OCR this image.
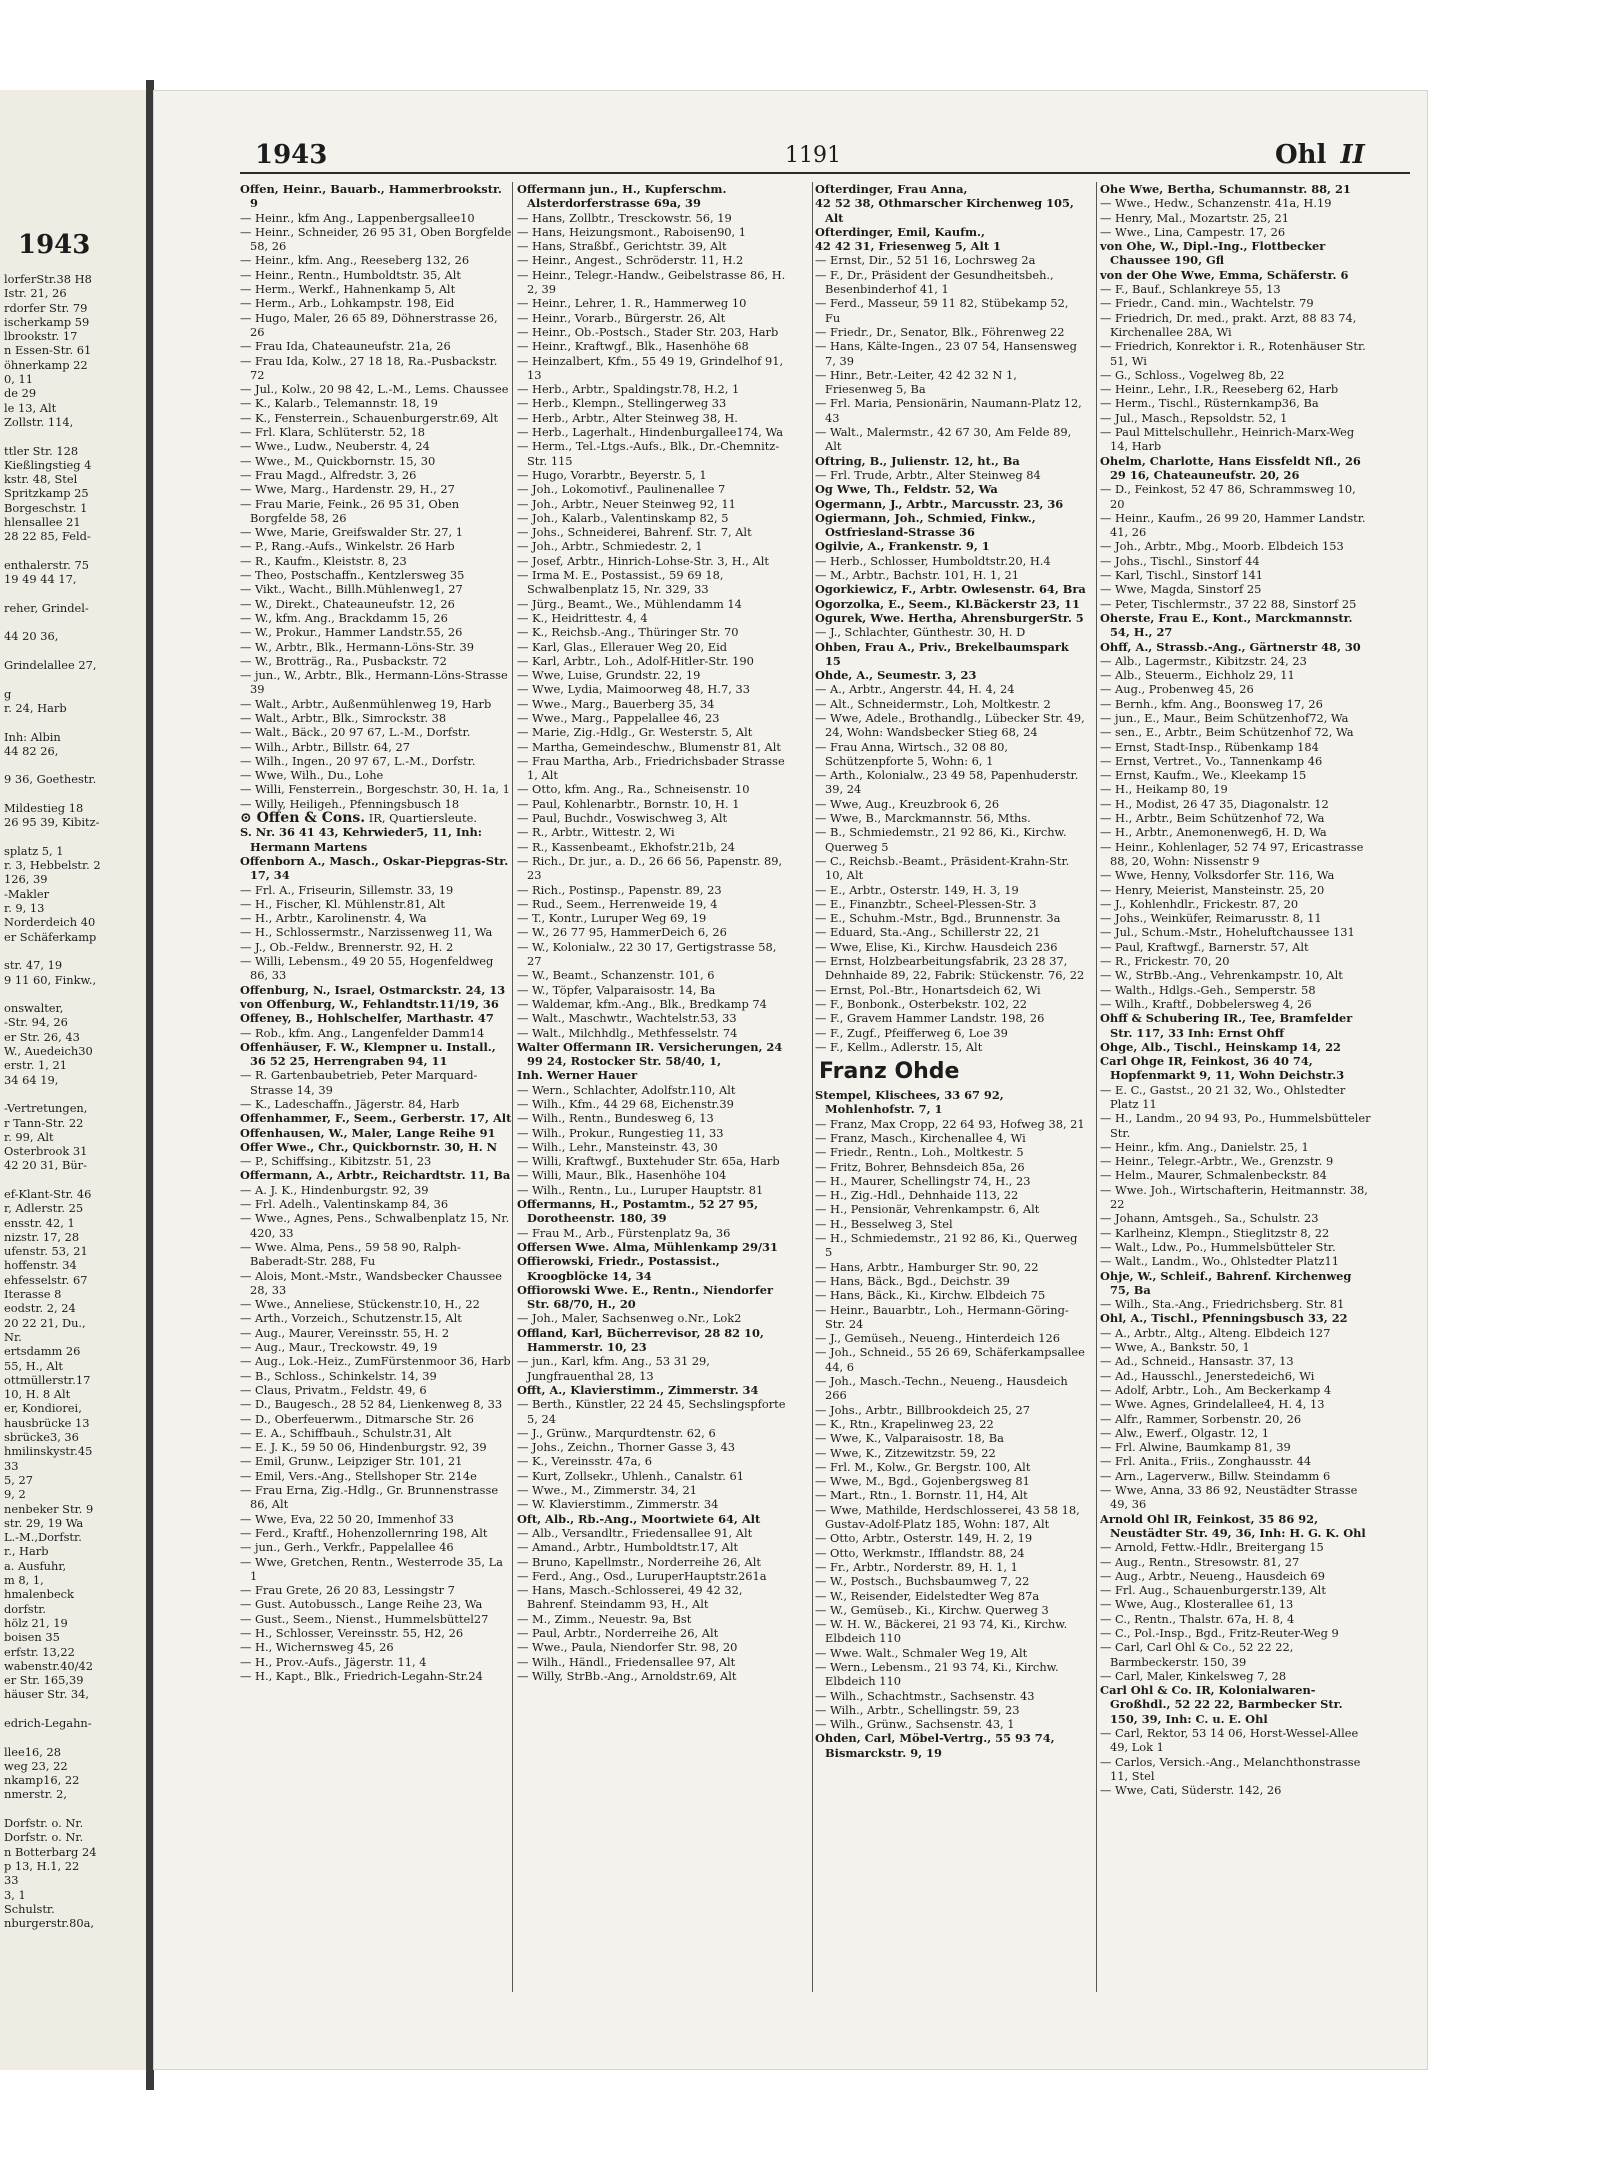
1943

lorferStr.38 H8

Istr. 21, 26

rdorfer Str. 79

ischerkamp 59

lbrookstr. 17

n Essen-Str. 61

öhnerkamp 22

0, 11

de 29

le 13, Alt

Zollstr. 114,

ttler Str. 128

Kießlingstieg 4

kstr. 48, Stel

Spritzkamp 25

Borgeschstr. 1

hlensallee 21

28 22 85, Feld-

enthalerstr. 75

19 49 44 17,

reher, Grindel-

44 20 36,

Grindelallee 27,

g

r. 24, Harb

Inh: Albin

44 82 26,

9 36, Goethestr.

Mildestieg 18

26 95 39, Kibitz-

splatz 5, 1

r. 3, Hebbelstr. 2

126, 39

-Makler

r. 9, 13

Norderdeich 40

er Schäferkamp

str. 47, 19

9 11 60, Finkw.,

onswalter,

-Str. 94, 26

er Str. 26, 43

W., Auedeich30

erstr. 1, 21

34 64 19,

-Vertretungen,

r Tann-Str. 22

r. 99, Alt

Osterbrook 31

42 20 31, Bür-

ef-Klant-Str. 46

r, Adlerstr. 25

ensstr. 42, 1

nizstr. 17, 28

ufenstr. 53, 21

hoffenstr. 34

ehfesselstr. 67

Iterasse 8

eodstr. 2, 24

20 22 21, Du.,

Nr.

ertsdamm 26

55, H., Alt

ottmüllerstr.17

10, H. 8 Alt

er, Kondiorei,

hausbrücke 13

sbrücke3, 36

hmilinskystr.45

33

5, 27

9, 2

nenbeker Str. 9

str. 29, 19 Wa

L.-M.,Dorfstr.

r., Harb

a. Ausfuhr,

m 8, 1,

hmalenbeck

dorfstr.

hölz 21, 19

boisen 35

erfstr. 13,22

wabenstr.40/42

er Str. 165,39

häuser Str. 34,

edrich-Legahn-

llee16, 28

weg 23, 22

nkamp16, 22

nmerstr. 2,

Dorfstr. o. Nr.

Dorfstr. o. Nr.

n Botterbarg 24

p 13, H.1, 22

33

3, 1

Schulstr.

nburgerstr.80a,

1943	1191	Ohl II

Offen, Heinr., Bauarb., Hammerbrookstr. 9

— Heinr., kfm Ang., Lappenbergsallee10

— Heinr., Schneider, 26 95 31, Oben Borgfelde 58, 26

— Heinr., kfm. Ang., Reeseberg 132, 26

— Heinr., Rentn., Humboldtstr. 35, Alt

— Herm., Werkf., Hahnenkamp 5, Alt

— Herm., Arb., Lohkampstr. 198, Eid

— Hugo, Maler, 26 65 89, Döhnerstrasse 26, 26

— Frau Ida, Chateauneufstr. 21a, 26

— Frau Ida, Kolw., 27 18 18, Ra.-Pusbackstr. 72

— Jul., Kolw., 20 98 42, L.-M., Lems. Chaussee

— K., Kalarb., Telemannstr. 18, 19

— K., Fensterrein., Schauenburgerstr.69, Alt

— Frl. Klara, Schlüterstr. 52, 18

— Wwe., Ludw., Neuberstr. 4, 24

— Wwe., M., Quickbornstr. 15, 30

— Frau Magd., Alfredstr. 3, 26

— Wwe, Marg., Hardenstr. 29, H., 27

— Frau Marie, Feink., 26 95 31, Oben Borgfelde 58, 26

— Wwe, Marie, Greifswalder Str. 27, 1

— P., Rang.-Aufs., Winkelstr. 26 Harb

— R., Kaufm., Kleiststr. 8, 23

— Theo, Postschaffn., Kentzlersweg 35

— Vikt., Wacht., Billh.Mühlenweg1, 27

— W., Direkt., Chateauneufstr. 12, 26

— W., kfm. Ang., Brackdamm 15, 26

— W., Prokur., Hammer Landstr.55, 26

— W., Arbtr., Blk., Hermann-Löns-Str. 39

— W., Brotträg., Ra., Pusbackstr. 72

— jun., W., Arbtr., Blk., Hermann-Löns-Strasse 39

— Walt., Arbtr., Außenmühlenweg 19, Harb

— Walt., Arbtr., Blk., Simrockstr. 38

— Walt., Bäck., 20 97 67, L.-M., Dorfstr.

— Wilh., Arbtr., Billstr. 64, 27

— Wilh., Ingen., 20 97 67, L.-M., Dorfstr.

— Wwe, Wilh., Du., Lohe

— Willi, Fensterrein., Borgeschstr. 30, H. 1a, 1

— Willy, Heiligeh., Pfenningsbusch 18

⊙ Offen & Cons. IR, Quartiersleute.

S. Nr. 36 41 43, Kehrwieder5, 11, Inh: Hermann Martens

Offenborn A., Masch., Oskar-Piepgras-Str. 17, 34

— Frl. A., Friseurin, Sillemstr. 33, 19

— H., Fischer, Kl. Mühlenstr.81, Alt

— H., Arbtr., Karolinenstr. 4, Wa

— H., Schlossermstr., Narzissenweg 11, Wa

— J., Ob.-Feldw., Brennerstr. 92, H. 2

— Willi, Lebensm., 49 20 55, Hogenfeldweg 86, 33

Offenburg, N., Israel, Ostmarckstr. 24, 13

von Offenburg, W., Fehlandtstr.11/19, 36

Offeney, B., Hohlschelfer, Marthastr. 47

— Rob., kfm. Ang., Langenfelder Damm14

Offenhäuser, F. W., Klempner u. Install., 36 52 25, Herrengraben 94, 11

— R. Gartenbaubetrieb, Peter Marquard-Strasse 14, 39

— K., Ladeschaffn., Jägerstr. 84, Harb

Offenhammer, F., Seem., Gerberstr. 17, Alt

Offenhausen, W., Maler, Lange Reihe 91

Offer Wwe., Chr., Quickbornstr. 30, H. N

— P., Schiffsing., Kibitzstr. 51, 23

Offermann, A., Arbtr., Reichardtstr. 11, Ba

— A. J. K., Hindenburgstr. 92, 39

— Frl. Adelh., Valentinskamp 84, 36

— Wwe., Agnes, Pens., Schwalbenplatz 15, Nr. 420, 33

— Wwe. Alma, Pens., 59 58 90, Ralph-Baberadt-Str. 288, Fu

— Alois, Mont.-Mstr., Wandsbecker Chaussee 28, 33

— Wwe., Anneliese, Stückenstr.10, H., 22

— Arth., Vorzeich., Schutzenstr.15, Alt

— Aug., Maurer, Vereinsstr. 55, H. 2

— Aug., Maur., Treckowstr. 49, 19

— Aug., Lok.-Heiz., ZumFürstenmoor 36, Harb

— B., Schloss., Schinkelstr. 14, 39

— Claus, Privatm., Feldstr. 49, 6

— D., Baugesch., 28 52 84, Lienkenweg 8, 33

— D., Oberfeuerwm., Ditmarsche Str. 26

— E. A., Schiffbauh., Schulstr.31, Alt

— E. J. K., 59 50 06, Hindenburgstr. 92, 39

— Emil, Grunw., Leipziger Str. 101, 21

— Emil, Vers.-Ang., Stellshoper Str. 214e

— Frau Erna, Zig.-Hdlg., Gr. Brunnenstrasse 86, Alt

— Wwe, Eva, 22 50 20, Immenhof 33

— Ferd., Kraftf., Hohenzollernring 198, Alt

— jun., Gerh., Verkfr., Pappelallee 46

— Wwe, Gretchen, Rentn., Westerrode 35, La 1

— Frau Grete, 26 20 83, Lessingstr 7

— Gust. Autobussch., Lange Reihe 23, Wa

— Gust., Seem., Nienst., Hummelsbüttel27

— H., Schlosser, Vereinsstr. 55, H2, 26

— H., Wichernsweg 45, 26

— H., Prov.-Aufs., Jägerstr. 11, 4

— H., Kapt., Blk., Friedrich-Legahn-Str.24

Offermann jun., H., Kupferschm. Alsterdorferstrasse 69a, 39

— Hans, Zollbtr., Tresckowstr. 56, 19

— Hans, Heizungsmont., Raboisen90, 1

— Hans, Straßbf., Gerichtstr. 39, Alt

— Heinr., Angest., Schröderstr. 11, H.2

— Heinr., Telegr.-Handw., Geibelstrasse 86, H. 2, 39

— Heinr., Lehrer, 1. R., Hammerweg 10

— Heinr., Vorarb., Bürgerstr. 26, Alt

— Heinr., Ob.-Postsch., Stader Str. 203, Harb

— Heinr., Kraftwgf., Blk., Hasenhöhe 68

— Heinzalbert, Kfm., 55 49 19, Grindelhof 91, 13

— Herb., Arbtr., Spaldingstr.78, H.2, 1

— Herb., Klempn., Stellingerweg 33

— Herb., Arbtr., Alter Steinweg 38, H.

— Herb., Lagerhalt., Hindenburgallee174, Wa

— Herm., Tel.-Ltgs.-Aufs., Blk., Dr.-Chemnitz-Str. 115

— Hugo, Vorarbtr., Beyerstr. 5, 1

— Joh., Lokomotivf., Paulinenallee 7

— Joh., Arbtr., Neuer Steinweg 92, 11

— Joh., Kalarb., Valentinskamp 82, 5

— Johs., Schneiderei, Bahrenf. Str. 7, Alt

— Joh., Arbtr., Schmiedestr. 2, 1

— Josef, Arbtr., Hinrich-Lohse-Str. 3, H., Alt

— Irma M. E., Postassist., 59 69 18, Schwalbenplatz 15, Nr. 329, 33

— Jürg., Beamt., We., Mühlendamm 14

— K., Heidrittestr. 4, 4

— K., Reichsb.-Ang., Thüringer Str. 70

— Karl, Glas., Ellerauer Weg 20, Eid

— Karl, Arbtr., Loh., Adolf-Hitler-Str. 190

— Wwe, Luise, Grundstr. 22, 19

— Wwe, Lydia, Maimoorweg 48, H.7, 33

— Wwe., Marg., Bauerberg 35, 34

— Wwe., Marg., Pappelallee 46, 23

— Marie, Zig.-Hdlg., Gr. Westerstr. 5, Alt

— Martha, Gemeindeschw., Blumenstr 81, Alt

— Frau Martha, Arb., Friedrichsbader Strasse 1, Alt

— Otto, kfm. Ang., Ra., Schneisenstr. 10

— Paul, Kohlenarbtr., Bornstr. 10, H. 1

— Paul, Buchdr., Voswischweg 3, Alt

— R., Arbtr., Wittestr. 2, Wi

— R., Kassenbeamt., Ekhofstr.21b, 24

— Rich., Dr. jur., a. D., 26 66 56, Papenstr. 89, 23

— Rich., Postinsp., Papenstr. 89, 23

— Rud., Seem., Herrenweide 19, 4

— T., Kontr., Luruper Weg 69, 19

— W., 26 77 95, HammerDeich 6, 26

— W., Kolonialw., 22 30 17, Gertigstrasse 58, 27

— W., Beamt., Schanzenstr. 101, 6

— W., Töpfer, Valparaisostr. 14, Ba

— Waldemar, kfm.-Ang., Blk., Bredkamp 74

— Walt., Maschwtr., Wachtelstr.53, 33

— Walt., Milchhdlg., Methfesselstr. 74

Walter Offermann IR. Versicherungen, 24 99 24, Rostocker Str. 58/40, 1,

Inh. Werner Hauer

— Wern., Schlachter, Adolfstr.110, Alt

— Wilh., Kfm., 44 29 68, Eichenstr.39

— Wilh., Rentn., Bundesweg 6, 13

— Wilh., Prokur., Rungestieg 11, 33

— Wilh., Lehr., Mansteinstr. 43, 30

— Willi, Kraftwgf., Buxtehuder Str. 65a, Harb

— Willi, Maur., Blk., Hasenhöhe 104

— Wilh., Rentn., Lu., Luruper Hauptstr. 81

Offermanns, H., Postamtm., 52 27 95, Dorotheenstr. 180, 39

— Frau M., Arb., Fürstenplatz 9a, 36

Offersen Wwe. Alma, Mühlenkamp 29/31

Offierowski, Friedr., Postassist., Kroogblöcke 14, 34

Offiorowski Wwe. E., Rentn., Niendorfer Str. 68/70, H., 20

— Joh., Maler, Sachsenweg o.Nr., Lok2

Offland, Karl, Bücherrevisor, 28 82 10, Hammerstr. 10, 23

— jun., Karl, kfm. Ang., 53 31 29, Jungfrauenthal 28, 13

Offt, A., Klavierstimm., Zimmerstr. 34

— Berth., Künstler, 22 24 45, Sechslingspforte 5, 24

— J., Grünw., Marqurdtenstr. 62, 6

— Johs., Zeichn., Thorner Gasse 3, 43

— K., Vereinsstr. 47a, 6

— Kurt, Zollsekr., Uhlenh., Canalstr. 61

— Wwe., M., Zimmerstr. 34, 21

— W. Klavierstimm., Zimmerstr. 34

Oft, Alb., Rb.-Ang., Moortwiete 64, Alt

— Alb., Versandltr., Friedensallee 91, Alt

— Amand., Arbtr., Humboldtstr.17, Alt

— Bruno, Kapellmstr., Norderreihe 26, Alt

— Ferd., Ang., Osd., LuruperHauptstr.261a

— Hans, Masch.-Schlosserei, 49 42 32, Bahrenf. Steindamm 93, H., Alt

— M., Zimm., Neuestr. 9a, Bst

— Paul, Arbtr., Norderreihe 26, Alt

— Wwe., Paula, Niendorfer Str. 98, 20

— Wilh., Händl., Friedensallee 97, Alt

— Willy, StrBb.-Ang., Arnoldstr.69, Alt

Ofterdinger, Frau Anna,

42 52 38, Othmarscher Kirchenweg 105, Alt

Ofterdinger, Emil, Kaufm.,

42 42 31, Friesenweg 5, Alt 1

— Ernst, Dir., 52 51 16, Lochrsweg 2a

— F., Dr., Präsident der Gesundheitsbeh., Besenbinderhof 41, 1

— Ferd., Masseur, 59 11 82, Stübekamp 52, Fu

— Friedr., Dr., Senator, Blk., Föhrenweg 22

— Hans, Kälte-Ingen., 23 07 54, Hansensweg 7, 39

— Hinr., Betr.-Leiter, 42 42 32 N 1, Friesenweg 5, Ba

— Frl. Maria, Pensionärin, Naumann-Platz 12, 43

— Walt., Malermstr., 42 67 30, Am Felde 89, Alt

Oftring, B., Julienstr. 12, ht., Ba

— Frl. Trude, Arbtr., Alter Steinweg 84

Og Wwe, Th., Feldstr. 52, Wa

Ogermann, J., Arbtr., Marcusstr. 23, 36

Ogiermann, Joh., Schmied, Finkw., Ostfriesland-Strasse 36

Ogilvie, A., Frankenstr. 9, 1

— Herb., Schlosser, Humboldtstr.20, H.4

— M., Arbtr., Bachstr. 101, H. 1, 21

Ogorkiewicz, F., Arbtr. Owlesenstr. 64, Bra

Ogorzolka, E., Seem., Kl.Bäckerstr 23, 11

Ogurek, Wwe. Hertha, AhrensburgerStr. 5

— J., Schlachter, Günthestr. 30, H. D

Ohben, Frau A., Priv., Brekelbaumspark 15

Ohde, A., Seumestr. 3, 23

— A., Arbtr., Angerstr. 44, H. 4, 24

— Alt., Schneidermstr., Loh, Moltkestr. 2

— Wwe, Adele., Brothandlg., Lübecker Str. 49, 24, Wohn: Wandsbecker Stieg 68, 24

— Frau Anna, Wirtsch., 32 08 80, Schützenpforte 5, Wohn: 6, 1

— Arth., Kolonialw., 23 49 58, Papenhuderstr. 39, 24

— Wwe, Aug., Kreuzbrook 6, 26

— Wwe, B., Marckmannstr. 56, Mths.

— B., Schmiedemstr., 21 92 86, Ki., Kirchw. Querweg 5

— C., Reichsb.-Beamt., Präsident-Krahn-Str. 10, Alt

— E., Arbtr., Osterstr. 149, H. 3, 19

— E., Finanzbtr., Scheel-Plessen-Str. 3

— E., Schuhm.-Mstr., Bgd., Brunnenstr. 3a

— Eduard, Sta.-Ang., Schillerstr 22, 21

— Wwe, Elise, Ki., Kirchw. Hausdeich 236

— Ernst, Holzbearbeitungsfabrik, 23 28 37, Dehnhaide 89, 22, Fabrik: Stückenstr. 76, 22

— Ernst, Pol.-Btr., Honartsdeich 62, Wi

— F., Bonbonk., Osterbekstr. 102, 22

— F., Gravem Hammer Landstr. 198, 26

— F., Zugf., Pfeifferweg 6, Loe 39

— F., Kellm., Adlerstr. 15, Alt

Franz Ohde

Stempel, Klischees, 33 67 92, Mohlenhofstr. 7, 1

— Franz, Max Cropp, 22 64 93, Hofweg 38, 21

— Franz, Masch., Kirchenallee 4, Wi

— Friedr., Rentn., Loh., Moltkestr. 5

— Fritz, Bohrer, Behnsdeich 85a, 26

— H., Maurer, Schellingstr 74, H., 23

— H., Zig.-Hdl., Dehnhaide 113, 22

— H., Pensionär, Vehrenkampstr. 6, Alt

— H., Besselweg 3, Stel

— H., Schmiedemstr., 21 92 86, Ki., Querweg 5

— Hans, Arbtr., Hamburger Str. 90, 22

— Hans, Bäck., Bgd., Deichstr. 39

— Hans, Bäck., Ki., Kirchw. Elbdeich 75

— Heinr., Bauarbtr., Loh., Hermann-Göring-Str. 24

— J., Gemüseh., Neueng., Hinterdeich 126

— Joh., Schneid., 55 26 69, Schäferkampsallee 44, 6

— Joh., Masch.-Techn., Neueng., Hausdeich 266

— Johs., Arbtr., Billbrookdeich 25, 27

— K., Rtn., Krapelinweg 23, 22

— Wwe, K., Valparaisostr. 18, Ba

— Wwe, K., Zitzewitzstr. 59, 22

— Frl. M., Kolw., Gr. Bergstr. 100, Alt

— Wwe, M., Bgd., Gojenbergsweg 81

— Mart., Rtn., 1. Bornstr. 11, H4, Alt

— Wwe, Mathilde, Herdschlosserei, 43 58 18, Gustav-Adolf-Platz 185, Wohn: 187, Alt

— Otto, Arbtr., Osterstr. 149, H. 2, 19

— Otto, Werkmstr., Ifflandstr. 88, 24

— Fr., Arbtr., Norderstr. 89, H. 1, 1

— W., Postsch., Buchsbaumweg 7, 22

— W., Reisender, Eidelstedter Weg 87a

— W., Gemüseb., Ki., Kirchw. Querweg 3

— W. H. W., Bäckerei, 21 93 74, Ki., Kirchw. Elbdeich 110

— Wwe. Walt., Schmaler Weg 19, Alt

— Wern., Lebensm., 21 93 74, Ki., Kirchw. Elbdeich 110

— Wilh., Schachtmstr., Sachsenstr. 43

— Wilh., Arbtr., Schellingstr. 59, 23

— Wilh., Grünw., Sachsenstr. 43, 1

Ohden, Carl, Möbel-Vertrg., 55 93 74, Bismarckstr. 9, 19

Ohe Wwe, Bertha, Schumannstr. 88, 21

— Wwe., Hedw., Schanzenstr. 41a, H.19

— Henry, Mal., Mozartstr. 25, 21

— Wwe., Lina, Campestr. 17, 26

von Ohe, W., Dipl.-Ing., Flottbecker Chaussee 190, Gfl

von der Ohe Wwe, Emma, Schäferstr. 6

— F., Bauf., Schlankreye 55, 13

— Friedr., Cand. min., Wachtelstr. 79

— Friedrich, Dr. med., prakt. Arzt, 88 83 74, Kirchenallee 28A, Wi

— Friedrich, Konrektor i. R., Rotenhäuser Str. 51, Wi

— G., Schloss., Vogelweg 8b, 22

— Heinr., Lehr., I.R., Reeseberg 62, Harb

— Herm., Tischl., Rüsternkamp36, Ba

— Jul., Masch., Repsoldstr. 52, 1

— Paul Mittelschullehr., Heinrich-Marx-Weg 14, Harb

Ohelm, Charlotte, Hans Eissfeldt Nfl., 26 29 16, Chateauneufstr. 20, 26

— D., Feinkost, 52 47 86, Schrammsweg 10, 20

— Heinr., Kaufm., 26 99 20, Hammer Landstr. 41, 26

— Joh., Arbtr., Mbg., Moorb. Elbdeich 153

— Johs., Tischl., Sinstorf 44

— Karl, Tischl., Sinstorf 141

— Wwe, Magda, Sinstorf 25

— Peter, Tischlermstr., 37 22 88, Sinstorf 25

Oherste, Frau E., Kont., Marckmannstr. 54, H., 27

Ohff, A., Strassb.-Ang., Gärtnerstr 48, 30

— Alb., Lagermstr., Kibitzstr. 24, 23

— Alb., Steuerm., Eichholz 29, 11

— Aug., Probenweg 45, 26

— Bernh., kfm. Ang., Boonsweg 17, 26

— jun., E., Maur., Beim Schützenhof72, Wa

— sen., E., Arbtr., Beim Schützenhof 72, Wa

— Ernst, Stadt-Insp., Rübenkamp 184

— Ernst, Vertret., Vo., Tannenkamp 46

— Ernst, Kaufm., We., Kleekamp 15

— H., Heikamp 80, 19

— H., Modist, 26 47 35, Diagonalstr. 12

— H., Arbtr., Beim Schützenhof 72, Wa

— H., Arbtr., Anemonenweg6, H. D, Wa

— Heinr., Kohlenlager, 52 74 97, Ericastrasse 88, 20, Wohn: Nissenstr 9

— Wwe, Henny, Volksdorfer Str. 116, Wa

— Henry, Meierist, Mansteinstr. 25, 20

— J., Kohlenhdlr., Frickestr. 87, 20

— Johs., Weinküfer, Reimarusstr. 8, 11

— Jul., Schum.-Mstr., Hoheluftchaussee 131

— Paul, Kraftwgf., Barnerstr. 57, Alt

— R., Frickestr. 70, 20

— W., StrBb.-Ang., Vehrenkampstr. 10, Alt

— Walth., Hdlgs.-Geh., Semperstr. 58

— Wilh., Kraftf., Dobbelersweg 4, 26

Ohff & Schubering IR., Tee, Bramfelder Str. 117, 33 Inh: Ernst Ohff

Ohge, Alb., Tischl., Heinskamp 14, 22

Carl Ohge IR, Feinkost, 36 40 74, Hopfenmarkt 9, 11, Wohn Deichstr.3

— E. C., Gastst., 20 21 32, Wo., Ohlstedter Platz 11

— H., Landm., 20 94 93, Po., Hummelsbütteler Str.

— Heinr., kfm. Ang., Danielstr. 25, 1

— Heinr., Telegr.-Arbtr., We., Grenzstr. 9

— Helm., Maurer, Schmalenbeckstr. 84

— Wwe. Joh., Wirtschafterin, Heitmannstr. 38, 22

— Johann, Amtsgeh., Sa., Schulstr. 23

— Karlheinz, Klempn., Stieglitzstr 8, 22

— Walt., Ldw., Po., Hummelsbütteler Str.

— Walt., Landm., Wo., Ohlstedter Platz11

Ohje, W., Schleif., Bahrenf. Kirchenweg 75, Ba

— Wilh., Sta.-Ang., Friedrichsberg. Str. 81

Ohl, A., Tischl., Pfenningsbusch 33, 22

— A., Arbtr., Altg., Alteng. Elbdeich 127

— Wwe, A., Bankstr. 50, 1

— Ad., Schneid., Hansastr. 37, 13

— Ad., Hausschl., Jenerstedeich6, Wi

— Adolf, Arbtr., Loh., Am Beckerkamp 4

— Wwe. Agnes, Grindelallee4, H. 4, 13

— Alfr., Rammer, Sorbenstr. 20, 26

— Alw., Ewerf., Olgastr. 12, 1

— Frl. Alwine, Baumkamp 81, 39

— Frl. Anita., Friis., Zonghausstr. 44

— Arn., Lagerverw., Billw. Steindamm 6

— Wwe, Anna, 33 86 92, Neustädter Strasse 49, 36

Arnold Ohl IR, Feinkost, 35 86 92, Neustädter Str. 49, 36, Inh: H. G. K. Ohl

— Arnold, Fettw.-Hdlr., Breitergang 15

— Aug., Rentn., Stresowstr. 81, 27

— Aug., Arbtr., Neueng., Hausdeich 69

— Frl. Aug., Schauenburgerstr.139, Alt

— Wwe, Aug., Klosterallee 61, 13

— C., Rentn., Thalstr. 67a, H. 8, 4

— C., Pol.-Insp., Bgd., Fritz-Reuter-Weg 9

— Carl, Carl Ohl & Co., 52 22 22, Barmbeckerstr. 150, 39

— Carl, Maler, Kinkelsweg 7, 28

Carl Ohl & Co. IR, Kolonialwaren-Großhdl., 52 22 22, Barmbecker Str. 150, 39, Inh: C. u. E. Ohl

— Carl, Rektor, 53 14 06, Horst-Wessel-Allee 49, Lok 1

— Carlos, Versich.-Ang., Melanchthonstrasse 11, Stel

— Wwe, Cati, Süderstr. 142, 26
